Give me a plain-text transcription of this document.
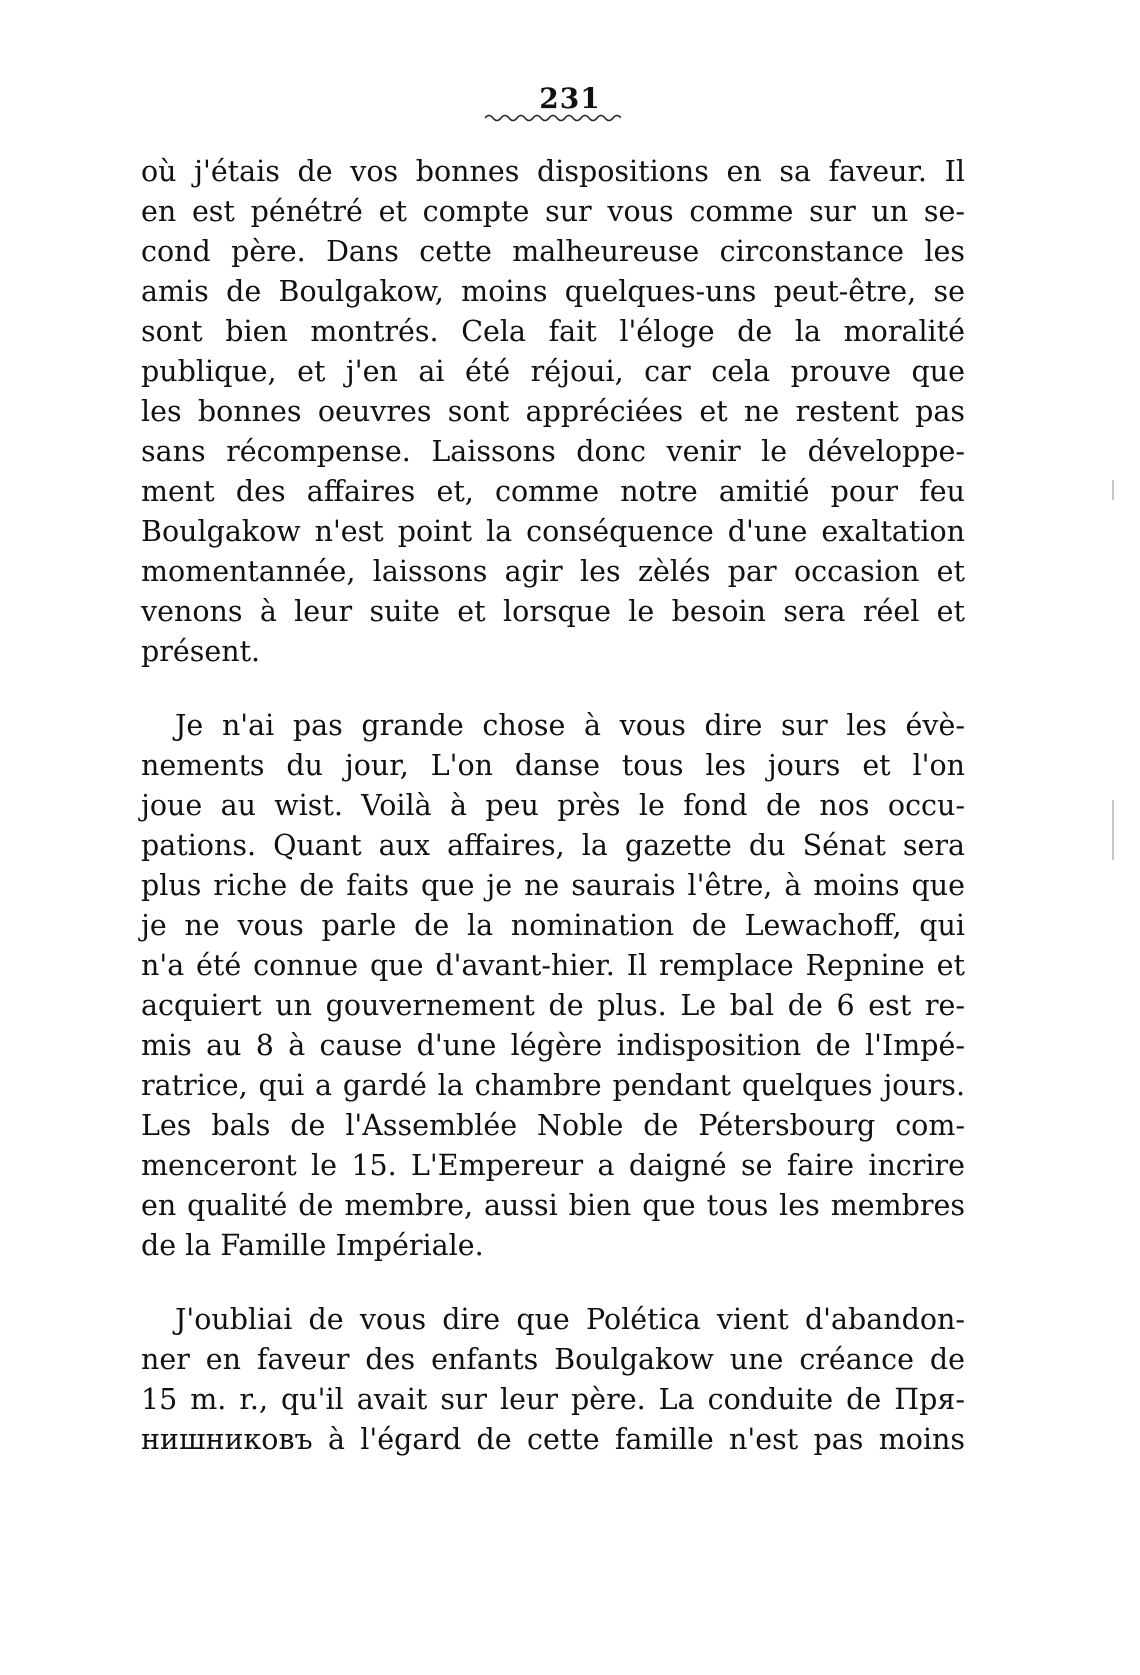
231
où j'étais de vos bonnes dispositions en sa faveur. Il
en est pénétré et compte sur vous comme sur un se-
cond père. Dans cette malheureuse circonstance les
amis de Boulgakow, moins quelques-uns peut-être, se
sont bien montrés. Cela fait l'éloge de la moralité
publique, et j'en ai été réjoui, car cela prouve que
les bonnes oeuvres sont appréciées et ne restent pas
sans récompense. Laissons donc venir le développe-
ment des affaires et, comme notre amitié pour feu
Boulgakow n'est point la conséquence d'une exaltation
momentannée, laissons agir les zèlés par occasion et
venons à leur suite et lorsque le besoin sera réel et
présent.
Je n'ai pas grande chose à vous dire sur les évè-
nements du jour, L'on danse tous les jours et l'on
joue au wist. Voilà à peu près le fond de nos occu-
pations. Quant aux affaires, la gazette du Sénat sera
plus riche de faits que je ne saurais l'être, à moins que
je ne vous parle de la nomination de Lewachoff, qui
n'a été connue que d'avant-hier. Il remplace Repnine et
acquiert un gouvernement de plus. Le bal de 6 est re-
mis au 8 à cause d'une légère indisposition de l'Impé-
ratrice, qui a gardé la chambre pendant quelques jours.
Les bals de l'Assemblée Noble de Pétersbourg com-
menceront le 15. L'Empereur a daigné se faire incrire
en qualité de membre, aussi bien que tous les membres
de la Famille Impériale.
J'oubliai de vous dire que Polética vient d'abandon-
ner en faveur des enfants Boulgakow une créance de
15 m. r., qu'il avait sur leur père. La conduite de Пря-
нишниковъ à l'égard de cette famille n'est pas moins
